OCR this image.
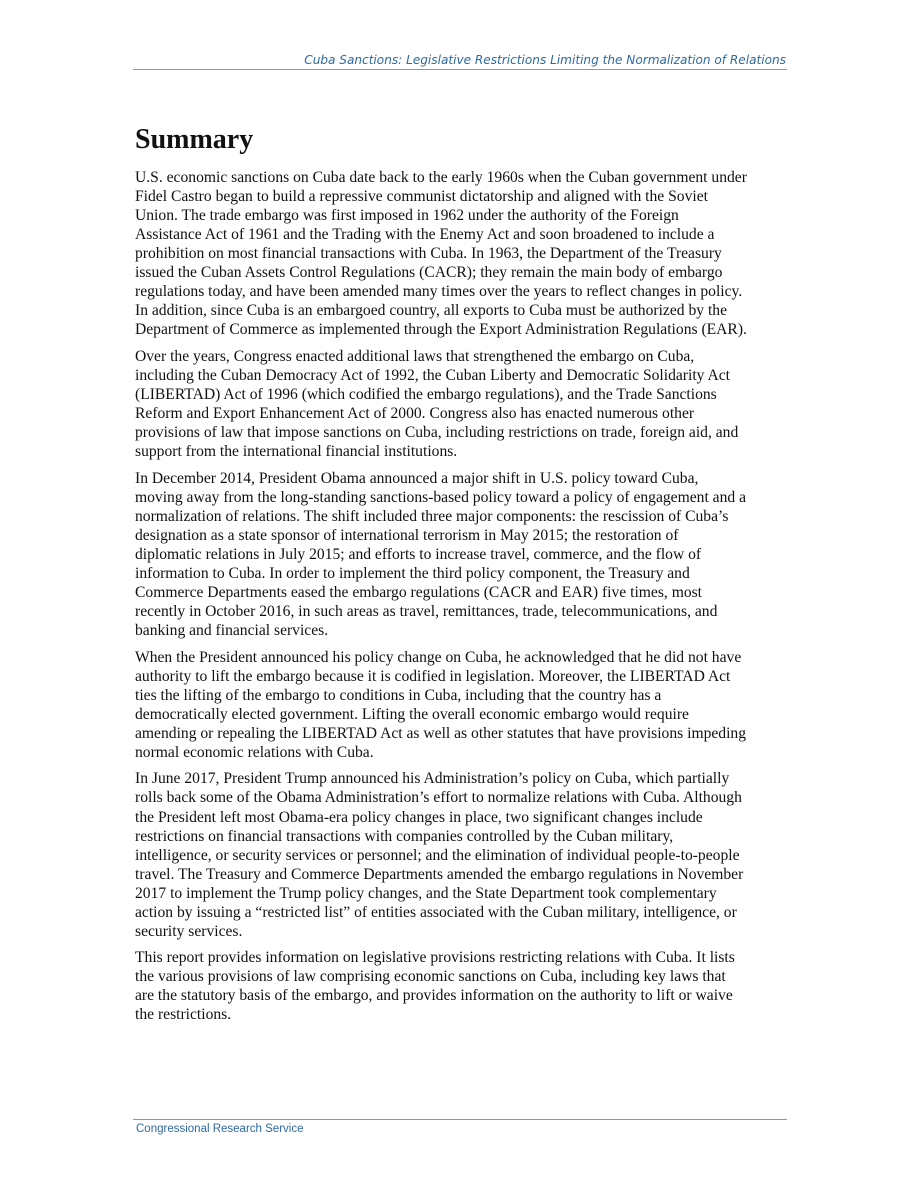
Cuba Sanctions: Legislative Restrictions Limiting the Normalization of Relations
Summary

U.S. economic sanctions on Cuba date back to the early 1960s when the Cuban government under
Fidel Castro began to build a repressive communist dictatorship and aligned with the Soviet
Union. The trade embargo was first imposed in 1962 under the authority of the Foreign
Assistance Act of 1961 and the Trading with the Enemy Act and soon broadened to include a
prohibition on most financial transactions with Cuba. In 1963, the Department of the Treasury
issued the Cuban Assets Control Regulations (CACR); they remain the main body of embargo
regulations today, and have been amended many times over the years to reflect changes in policy.
In addition, since Cuba is an embargoed country, all exports to Cuba must be authorized by the
Department of Commerce as implemented through the Export Administration Regulations (EAR).

Over the years, Congress enacted additional laws that strengthened the embargo on Cuba,
including the Cuban Democracy Act of 1992, the Cuban Liberty and Democratic Solidarity Act
(LIBERTAD) Act of 1996 (which codified the embargo regulations), and the Trade Sanctions
Reform and Export Enhancement Act of 2000. Congress also has enacted numerous other
provisions of law that impose sanctions on Cuba, including restrictions on trade, foreign aid, and
support from the international financial institutions.

In December 2014, President Obama announced a major shift in U.S. policy toward Cuba,
moving away from the long-standing sanctions-based policy toward a policy of engagement and a
normalization of relations. The shift included three major components: the rescission of Cuba’s
designation as a state sponsor of international terrorism in May 2015; the restoration of
diplomatic relations in July 2015; and efforts to increase travel, commerce, and the flow of
information to Cuba. In order to implement the third policy component, the Treasury and
Commerce Departments eased the embargo regulations (CACR and EAR) five times, most
recently in October 2016, in such areas as travel, remittances, trade, telecommunications, and
banking and financial services.

When the President announced his policy change on Cuba, he acknowledged that he did not have
authority to lift the embargo because it is codified in legislation. Moreover, the LIBERTAD Act
ties the lifting of the embargo to conditions in Cuba, including that the country has a
democratically elected government. Lifting the overall economic embargo would require
amending or repealing the LIBERTAD Act as well as other statutes that have provisions impeding
normal economic relations with Cuba.

In June 2017, President Trump announced his Administration’s policy on Cuba, which partially
rolls back some of the Obama Administration’s effort to normalize relations with Cuba. Although
the President left most Obama-era policy changes in place, two significant changes include
restrictions on financial transactions with companies controlled by the Cuban military,
intelligence, or security services or personnel; and the elimination of individual people-to-people
travel. The Treasury and Commerce Departments amended the embargo regulations in November
2017 to implement the Trump policy changes, and the State Department took complementary
action by issuing a “restricted list” of entities associated with the Cuban military, intelligence, or
security services.

This report provides information on legislative provisions restricting relations with Cuba. It lists
the various provisions of law comprising economic sanctions on Cuba, including key laws that
are the statutory basis of the embargo, and provides information on the authority to lift or waive
the restrictions.

Congressional Research Service
